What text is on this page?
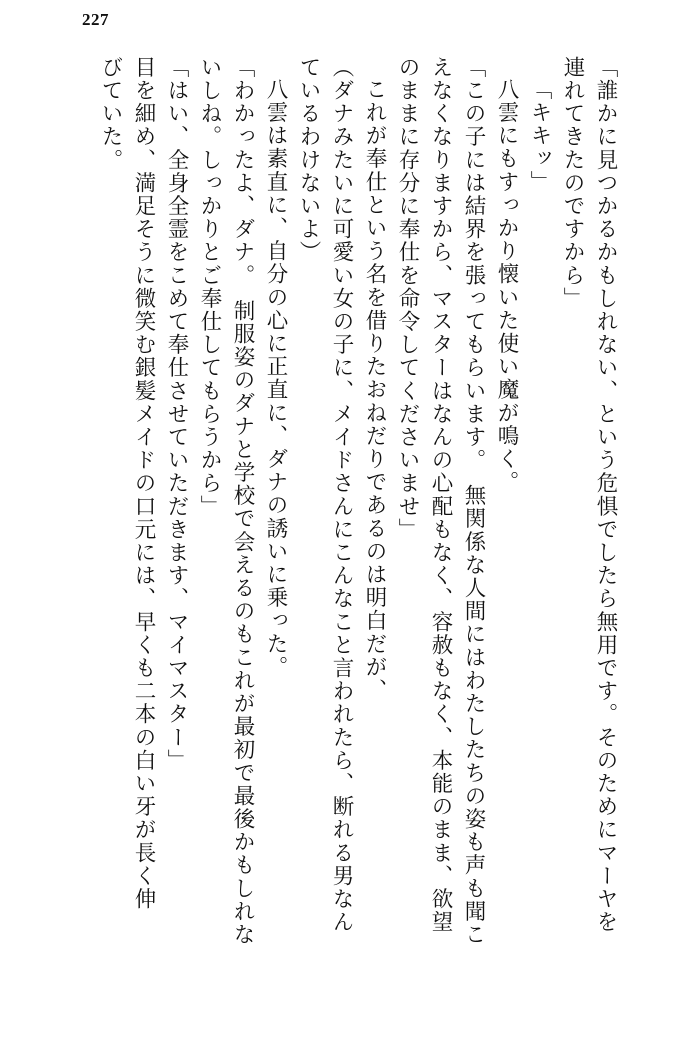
227
「誰かに見つかるかもしれない、という危惧でしたら無用です。そのためにマーヤを
連れてきたのですから」
「キキッ」
八雲にもすっかり懐いた使い魔が鳴く。
「この子には結界を張ってもらいます。　無関係な人間にはわたしたちの姿も声も聞こ
えなくなりますから、マスターはなんの心配もなく、容赦もなく、本能のまま、欲望
のままに存分に奉仕を命令してくださいませ」
これが奉仕という名を借りたおねだりであるのは明白だが、
（ダナみたいに可愛い女の子に、メイドさんにこんなこと言われたら、断れる男なん
ているわけないよ）
八雲は素直に、自分の心に正直に、ダナの誘いに乗った。
「わかったよ、ダナ。　制服姿のダナと学校で会えるのもこれが最初で最後かもしれな
いしね。しっかりとご奉仕してもらうから」
「はい、全身全霊をこめて奉仕させていただきます、マイマスター」
目を細め、満足そうに微笑む銀髪メイドの口元には、早くも二本の白い牙が長く伸
びていた。
